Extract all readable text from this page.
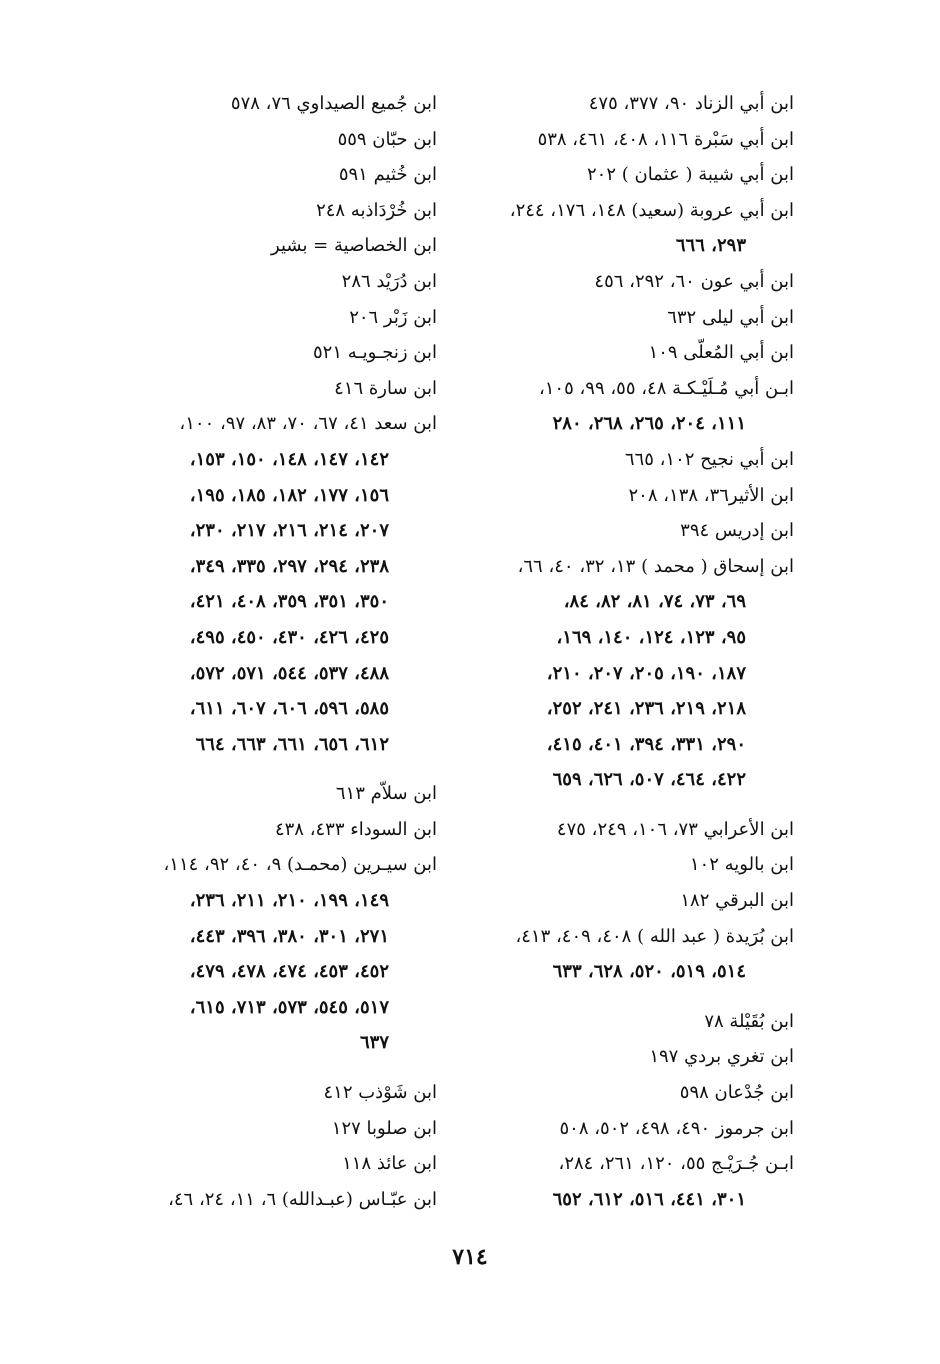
ابن أبي الزناد ٩٠، ٣٧٧، ٤٧٥
ابن أبي سَبْرة ١١٦، ٤٠٨، ٤٦١، ٥٣٨
ابن أبي شيبة ( عثمان ) ٢٠٢
ابن أبي عروبة (سعيد) ١٤٨، ١٧٦، ٢٤٤،
٢٩٣، ٦٦٦
ابن أبي عون ٦٠، ٢٩٢، ٤٥٦
ابن أبي ليلى ٦٣٢
ابن أبي المُعلّى ١٠٩
ابـن أبي مُـلَيْـكـة ٤٨، ٥٥، ٩٩، ١٠٥،
١١١، ٢٠٤، ٢٦٥، ٢٦٨، ٢٨٠
ابن أبي نجيح ١٠٢، ٦٦٥
ابن الأثير٣٦، ١٣٨، ٢٠٨
ابن إدريس ٣٩٤
ابن إسحاق ( محمد ) ١٣، ٣٢، ٤٠، ٦٦،
٦٩، ٧٣، ٧٤، ٨١، ٨٢، ٨٤،
٩٥، ١٢٣، ١٢٤، ١٤٠، ١٦٩،
١٨٧، ١٩٠، ٢٠٥، ٢٠٧، ٢١٠،
٢١٨، ٢١٩، ٢٣٦، ٢٤١، ٢٥٢،
٢٩٠، ٣٣١، ٣٩٤، ٤٠١، ٤١٥،
٤٢٢، ٤٦٤، ٥٠٧، ٦٢٦، ٦٥٩
ابن الأعرابي ٧٣، ١٠٦، ٢٤٩، ٤٧٥
ابن بالويه ١٠٢
ابن البرقي ١٨٢
ابن بُرَيدة ( عبد الله ) ٤٠٨، ٤٠٩، ٤١٣،
٥١٤، ٥١٩، ٥٢٠، ٦٢٨، ٦٣٣
ابن بُقَيْلة ٧٨
ابن تغري بردي ١٩٧
ابن جُدْعان ٥٩٨
ابن جرموز ٤٩٠، ٤٩٨، ٥٠٢، ٥٠٨
ابـن جُـرَيْـج ٥٥، ١٢٠، ٢٦١، ٢٨٤،
٣٠١، ٤٤١، ٥١٦، ٦١٢، ٦٥٢
ابن جُميع الصيداوي ٧٦، ٥٧٨
ابن حبّان ٥٥٩
ابن خُثيم ٥٩١
ابن خُرْدَاذبه ٢٤٨
ابن الخصاصية = بشير
ابن دُرَيْد ٢٨٦
ابن زَبْر ٢٠٦
ابن زنجـويـه ٥٢١
ابن سارة ٤١٦
ابن سعد ٤١، ٦٧، ٧٠، ٨٣، ٩٧، ١٠٠،
١٤٢، ١٤٧، ١٤٨، ١٥٠، ١٥٣،
١٥٦، ١٧٧، ١٨٢، ١٨٥، ١٩٥،
٢٠٧، ٢١٤، ٢١٦، ٢١٧، ٢٣٠،
٢٣٨، ٢٩٤، ٢٩٧، ٣٣٥، ٣٤٩،
٣٥٠، ٣٥١، ٣٥٩، ٤٠٨، ٤٢١،
٤٢٥، ٤٢٦، ٤٣٠، ٤٥٠، ٤٩٥،
٤٨٨، ٥٣٧، ٥٤٤، ٥٧١، ٥٧٢،
٥٨٥، ٥٩٦، ٦٠٦، ٦٠٧، ٦١١،
٦١٢، ٦٥٦، ٦٦١، ٦٦٣، ٦٦٤
ابن سلاّم ٦١٣
ابن السوداء ٤٣٣، ٤٣٨
ابن سيـرين (محمـد) ٩، ٤٠، ٩٢، ١١٤،
١٤٩، ١٩٩، ٢١٠، ٢١١، ٢٣٦،
٢٧١، ٣٠١، ٣٨٠، ٣٩٦، ٤٤٣،
٤٥٢، ٤٥٣، ٤٧٤، ٤٧٨، ٤٧٩،
٥١٧، ٥٤٥، ٥٧٣، ٧١٣، ٦١٥،
٦٣٧
ابن شَوْذب ٤١٢
ابن صلوبا ١٢٧
ابن عائذ ١١٨
ابن عبّـاس (عبـدالله) ٦، ١١، ٢٤، ٤٦،
٧١٤
